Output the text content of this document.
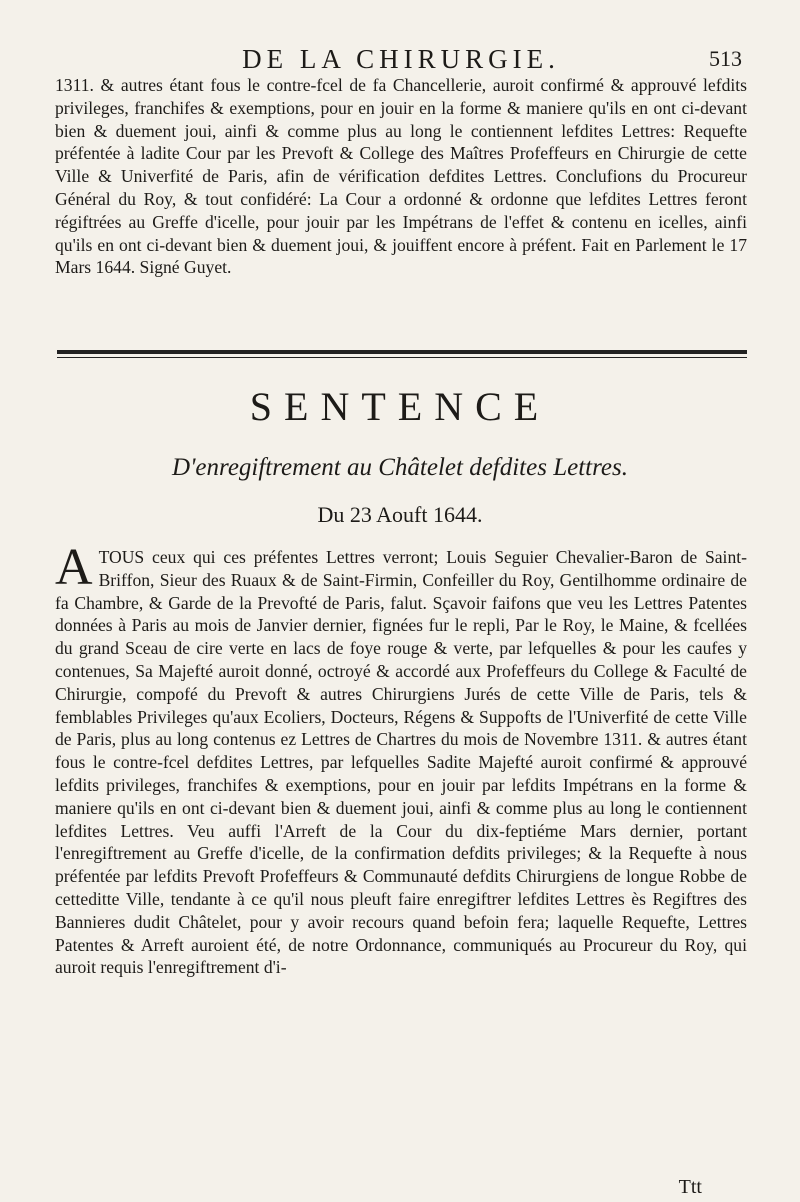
DE LA CHIRURGIE.	513

1311. & autres étant fous le contre-fcel de fa Chancellerie, auroit confirmé & approuvé lefdits privileges, franchifes & exemptions, pour en jouir en la forme & maniere qu'ils en ont ci-devant bien & duement joui, ainfi & comme plus au long le contiennent lefdites Lettres: Requefte préfentée à ladite Cour par les Prevoft & College des Maîtres Profeffeurs en Chirurgie de cette Ville & Univerfité de Paris, afin de vérification defdites Lettres. Conclufions du Procureur Général du Roy, & tout confidéré: La Cour a ordonné & ordonne que lefdites Lettres feront régiftrées au Greffe d'icelle, pour jouir par les Impétrans de l'effet & contenu en icelles, ainfi qu'ils en ont ci-devant bien & duement joui, & jouiffent encore à préfent. Fait en Parlement le 17 Mars 1644. Signé Guyet.

SENTENCE
D'enregiftrement au Châtelet defdites Lettres.
Du 23 Aouft 1644.
A TOUS ceux qui ces préfentes Lettres verront; Louis Seguier Chevalier-Baron de Saint-Briffon, Sieur des Ruaux & de Saint-Firmin, Confeiller du Roy, Gentilhomme ordinaire de fa Chambre, & Garde de la Prevofté de Paris, falut. Sçavoir faifons que veu les Lettres Patentes données à Paris au mois de Janvier dernier, fignées fur le repli, Par le Roy, le Maine, & fcellées du grand Sceau de cire verte en lacs de foye rouge & verte, par lefquelles & pour les caufes y contenues, Sa Majefté auroit donné, octroyé & accordé aux Profeffeurs du College & Faculté de Chirurgie, compofé du Prevoft & autres Chirurgiens Jurés de cette Ville de Paris, tels & femblables Privileges qu'aux Ecoliers, Docteurs, Régens & Suppofts de l'Univerfité de cette Ville de Paris, plus au long contenus ez Lettres de Chartres du mois de Novembre 1311. & autres étant fous le contre-fcel defdites Lettres, par lefquelles Sadite Majefté auroit confirmé & approuvé lefdits privileges, franchifes & exemptions, pour en jouir par lefdits Impétrans en la forme & maniere qu'ils en ont ci-devant bien & duement joui, ainfi & comme plus au long le contiennent lefdites Lettres. Veu auffi l'Arreft de la Cour du dix-feptiéme Mars dernier, portant l'enregiftrement au Greffe d'icelle, de la confirmation defdits privileges; & la Requefte à nous préfentée par lefdits Prevoft Profeffeurs & Communauté defdits Chirurgiens de longue Robbe de cetteditte Ville, tendante à ce qu'il nous pleuft faire enregiftrer lefdites Lettres ès Regiftres des Bannieres dudit Châtelet, pour y avoir recours quand befoin fera; laquelle Requefte, Lettres Patentes & Arreft auroient été, de notre Ordonnance, communiqués au Procureur du Roy, qui auroit requis l'enregiftrement d'i-

Ttt
